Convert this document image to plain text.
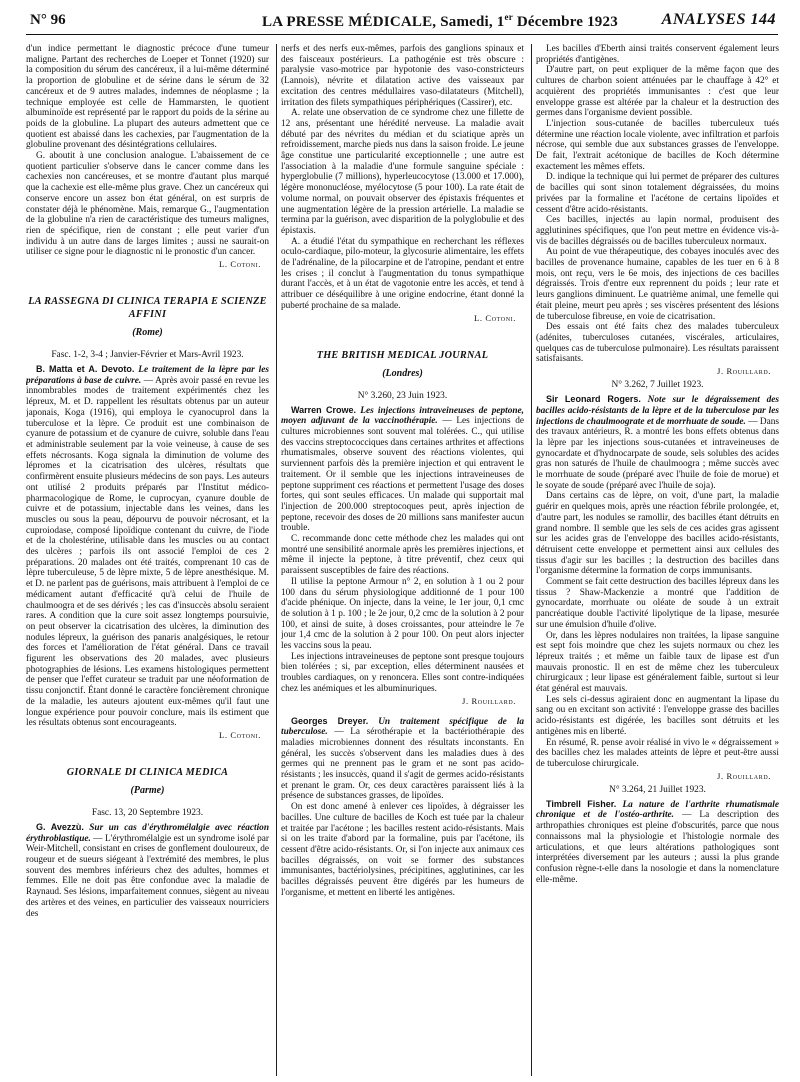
N° 96	LA PRESSE MÉDICALE, Samedi, 1er Décembre 1923	ANALYSES 144

d'un indice permettant le diagnostic précoce d'une tumeur maligne. Partant des recherches de Loeper et Tonnet (1920) sur la composition du sérum des cancéreux, il a lui-même déterminé la proportion de globuline et de sérine dans le sérum de 32 cancéreux et de 9 autres malades, indemnes de néoplasme ; la technique employée est celle de Hammarsten, le quotient albuminoïde est représenté par le rapport du poids de la sérine au poids de la globuline. La plupart des auteurs admettent que ce quotient est abaissé dans les cachexies, par l'augmentation de la globuline provenant des désintégrations cellulaires.

G. aboutit à une conclusion analogue. L'abaissement de ce quotient particulier s'observe dans le cancer comme dans les cachexies non cancéreuses, et se montre d'autant plus marqué que la cachexie est elle-même plus grave. Chez un cancéreux qui conserve encore un assez bon état général, on est surpris de constater déjà le phénomène. Mais, remarque G., l'augmentation de la globuline n'a rien de caractéristique des tumeurs malignes, rien de spécifique, rien de constant ; elle peut varier d'un individu à un autre dans de larges limites ; aussi ne saurait-on utiliser ce signe pour le diagnostic ni le pronostic d'un cancer.

L. Cotoni.
LA RASSEGNA DI CLINICA TERAPIA E SCIENZE AFFINI
(Rome)
Fasc. 1-2, 3-4 ; Janvier-Février et Mars-Avril 1923.

B. Matta et A. Devoto. Le traitement de la lèpre par les préparations à base de cuivre. — Après avoir passé en revue les innombrables modes de traitement expérimentés chez les lépreux, M. et D. rappellent les résultats obtenus par un auteur japonais, Koga (1916), qui employa le cyanocuprol dans la tuberculose et la lèpre. Ce produit est une combinaison de cyanure de potassium et de cyanure de cuivre, soluble dans l'eau et administrable seulement par la voie veineuse, à cause de ses effets nécrosants. Koga signala la diminution de volume des lépromes et la cicatrisation des ulcères, résultats que confirmèrent ensuite plusieurs médecins de son pays. Les auteurs ont utilisé 2 produits préparés par l'Institut médico-pharmacologique de Rome, le cuprocyan, cyanure double de cuivre et de potassium, injectable dans les veines, dans les muscles ou sous la peau, dépourvu de pouvoir nécrosant, et la cuproiodase, composé lipoïdique contenant du cuivre, de l'iode et de la cholestérine, utilisable dans les muscles ou au contact des ulcères ; parfois ils ont associé l'emploi de ces 2 préparations. 20 malades ont été traités, comprenant 10 cas de lèpre tuberculeuse, 5 de lèpre mixte, 5 de lèpre anesthésique. M. et D. ne parlent pas de guérisons, mais attribuent à l'emploi de ce médicament autant d'efficacité qu'à celui de l'huile de chaulmoogra et de ses dérivés ; les cas d'insuccès absolu seraient rares. A condition que la cure soit assez longtemps poursuivie, on peut observer la cicatrisation des ulcères, la diminution des nodules lépreux, la guérison des panaris analgésiques, le retour des forces et l'amélioration de l'état général. Dans ce travail figurent les observations des 20 malades, avec plusieurs photographies de lésions. Les examens histologiques permettent de penser que l'effet curateur se traduit par une néoformation de tissu conjonctif. Étant donné le caractère foncièrement chronique de la maladie, les auteurs ajoutent eux-mêmes qu'il faut une longue expérience pour pouvoir conclure, mais ils estiment que les résultats obtenus sont encourageants.

L. Cotoni.
GIORNALE DI CLINICA MEDICA
(Parme)
Fasc. 13, 20 Septembre 1923.

G. Avezzù. Sur un cas d'érythromélalgie avec réaction érythroblastique. — L'érythromélalgie est un syndrome isolé par Weir-Mitchell, consistant en crises de gonflement douloureux, de rougeur et de sueurs siégeant à l'extrémité des membres, le plus souvent des membres inférieurs chez des adultes, hommes et femmes. Elle ne doit pas être confondue avec la maladie de Raynaud. Ses lésions, imparfaitement connues, siègent au niveau des artères et des veines, en particulier des vaisseaux nourriciers des

nerfs et des nerfs eux-mêmes, parfois des ganglions spinaux et des faisceaux postérieurs. La pathogénie est très obscure : paralysie vaso-motrice par hypotonie des vaso-constricteurs (Lannois), névrite et dilatation active des vaisseaux par excitation des centres médullaires vaso-dilatateurs (Mitchell), irritation des filets sympathiques périphériques (Cassirer), etc.

A. relate une observation de ce syndrome chez une fillette de 12 ans, présentant une hérédité nerveuse. La maladie avait débuté par des névrites du médian et du sciatique après un refroidissement, marche pieds nus dans la saison froide. Le jeune âge constitue une particularité exceptionnelle ; une autre est l'association à la maladie d'une formule sanguine spéciale : hyperglobulie (7 millions), hyperleucocytose (13.000 et 17.000), légère mononucléose, myélocytose (5 pour 100). La rate était de volume normal, on pouvait observer des épistaxis fréquentes et une augmentation légère de la pression artérielle. La maladie se termina par la guérison, avec disparition de la polyglobulie et des épistaxis.

A. a étudié l'état du sympathique en recherchant les réflexes oculo-cardiaque, pilo-moteur, la glycosurie alimentaire, les effets de l'adrénaline, de la pilocarpine et de l'atropine, pendant et entre les crises ; il conclut à l'augmentation du tonus sympathique durant l'accès, et à un état de vagotonie entre les accès, et tend à attribuer ce déséquilibre à une origine endocrine, étant donné la puberté prochaine de sa malade.

L. Cotoni.
THE BRITISH MEDICAL JOURNAL
(Londres)
N° 3.260, 23 Juin 1923.

Warren Crowe. Les injections intraveineuses de peptone, moyen adjuvant de la vaccinothérapie. — Les injections de cultures microbiennes sont souvent mal tolérées. C., qui utilise des vaccins streptococciques dans certaines arthrites et affections rhumatismales, observe souvent des réactions violentes, qui surviennent parfois dès la première injection et qui entravent le traitement. Or il semble que les injections intraveineuses de peptone suppriment ces réactions et permettent l'usage des doses fortes, qui sont seules efficaces. Un malade qui supportait mal l'injection de 200.000 streptocoques peut, après injection de peptone, recevoir des doses de 20 millions sans manifester aucun trouble.

C. recommande donc cette méthode chez les malades qui ont montré une sensibilité anormale après les premières injections, et même il injecte la peptone, à titre préventif, chez ceux qui paraissent susceptibles de faire des réactions.

Il utilise la peptone Armour n° 2, en solution à 1 ou 2 pour 100 dans du sérum physiologique additionné de 1 pour 100 d'acide phénique. On injecte, dans la veine, le 1er jour, 0,1 cmc de solution à 1 p. 100 ; le 2e jour, 0,2 cmc de la solution à 2 pour 100, et ainsi de suite, à doses croissantes, pour atteindre le 7e jour 1,4 cmc de la solution à 2 pour 100. On peut alors injecter les vaccins sous la peau.

Les injections intraveineuses de peptone sont presque toujours bien tolérées ; si, par exception, elles déterminent nausées et troubles cardiaques, on y renoncera. Elles sont contre-indiquées chez les anémiques et les albuminuriques.

J. Rouillard.

Georges Dreyer. Un traitement spécifique de la tuberculose. — La sérothérapie et la bactériothérapie des maladies microbiennes donnent des résultats inconstants. En général, les succès s'observent dans les maladies dues à des germes qui ne prennent pas le gram et ne sont pas acido-résistants ; les insuccès, quand il s'agit de germes acido-résistants et prenant le gram. Or, ces deux caractères paraissent liés à la présence de substances grasses, de lipoïdes.

On est donc amené à enlever ces lipoïdes, à dégraisser les bacilles. Une culture de bacilles de Koch est tuée par la chaleur et traitée par l'acétone ; les bacilles restent acido-résistants. Mais si on les traite d'abord par la formaline, puis par l'acétone, ils cessent d'être acido-résistants. Or, si l'on injecte aux animaux ces bacilles dégraissés, on voit se former des substances immunisantes, bactériolysines, précipitines, agglutinines, car les bacilles dégraissés peuvent être digérés par les humeurs de l'organisme, et mettent en liberté les antigènes.

Les bacilles d'Eberth ainsi traités conservent également leurs propriétés d'antigènes.

D'autre part, on peut expliquer de la même façon que des cultures de charbon soient atténuées par le chauffage à 42° et acquièrent des propriétés immunisantes : c'est que leur enveloppe grasse est altérée par la chaleur et la destruction des germes dans l'organisme devient possible.

L'injection sous-cutanée de bacilles tuberculeux tués détermine une réaction locale violente, avec infiltration et parfois nécrose, qui semble due aux substances grasses de l'enveloppe. De fait, l'extrait acétonique de bacilles de Koch détermine exactement les mêmes effets.

D. indique la technique qui lui permet de préparer des cultures de bacilles qui sont sinon totalement dégraissées, du moins privées par la formaline et l'acétone de certains lipoïdes et cessent d'être acido-résistants.

Ces bacilles, injectés au lapin normal, produisent des agglutinines spécifiques, que l'on peut mettre en évidence vis-à-vis de bacilles dégraissés ou de bacilles tuberculeux normaux.

Au point de vue thérapeutique, des cobayes inoculés avec des bacilles de provenance humaine, capables de les tuer en 6 à 8 mois, ont reçu, vers le 6e mois, des injections de ces bacilles dégraissés. Trois d'entre eux reprennent du poids ; leur rate et leurs ganglions diminuent. Le quatrième animal, une femelle qui était pleine, meurt peu après ; ses viscères présentent des lésions de tuberculose fibreuse, en voie de cicatrisation.

Des essais ont été faits chez des malades tuberculeux (adénites, tuberculoses cutanées, viscérales, articulaires, quelques cas de tuberculose pulmonaire). Les résultats paraissent satisfaisants.

J. Rouillard.
N° 3.262, 7 Juillet 1923.

Sir Leonard Rogers. Note sur le dégraissement des bacilles acido-résistants de la lèpre et de la tuberculose par les injections de chaulmoograte et de morrhuate de soude. — Dans des travaux antérieurs, R. a montré les bons effets obtenus dans la lèpre par les injections sous-cutanées et intraveineuses de gynocardate et d'hydnocarpate de soude, sels solubles des acides gras non saturés de l'huile de chaulmoogra ; même succès avec le morrhuate de soude (préparé avec l'huile de foie de morue) et le soyate de soude (préparé avec l'huile de soja).

Dans certains cas de lèpre, on voit, d'une part, la maladie guérir en quelques mois, après une réaction fébrile prolongée, et, d'autre part, les nodules se ramollir, des bacilles étant détruits en grand nombre. Il semble que les sels de ces acides gras agissent sur les acides gras de l'enveloppe des bacilles acido-résistants, détruisent cette enveloppe et permettent ainsi aux cellules des tissus d'agir sur les bacilles ; la destruction des bacilles dans l'organisme détermine la formation de corps immunisants.

Comment se fait cette destruction des bacilles lépreux dans les tissus ? Shaw-Mackenzie a montré que l'addition de gynocardate, morrhuate ou oléate de soude à un extrait pancréatique double l'activité lipolytique de la lipase, mesurée sur une émulsion d'huile d'olive.

Or, dans les lèpres nodulaires non traitées, la lipase sanguine est sept fois moindre que chez les sujets normaux ou chez les lépreux traités ; et même un faible taux de lipase est d'un mauvais pronostic. Il en est de même chez les tuberculeux chirurgicaux ; leur lipase est généralement faible, surtout si leur état général est mauvais.

Les sels ci-dessus agiraient donc en augmentant la lipase du sang ou en excitant son activité : l'enveloppe grasse des bacilles acido-résistants est digérée, les bacilles sont détruits et les antigènes mis en liberté.

En résumé, R. pense avoir réalisé in vivo le « dégraissement » des bacilles chez les malades atteints de lèpre et peut-être aussi de tuberculose chirurgicale.

J. Rouillard.
N° 3.264, 21 Juillet 1923.

Timbrell Fisher. La nature de l'arthrite rhumatismale chronique et de l'ostéo-arthrite. — La description des arthropathies chroniques est pleine d'obscurités, parce que nous connaissons mal la physiologie et l'histologie normale des articulations, et que leurs altérations pathologiques sont interprétées diversement par les auteurs ; aussi la plus grande confusion règne-t-elle dans la nosologie et dans la nomenclature elle-même.
